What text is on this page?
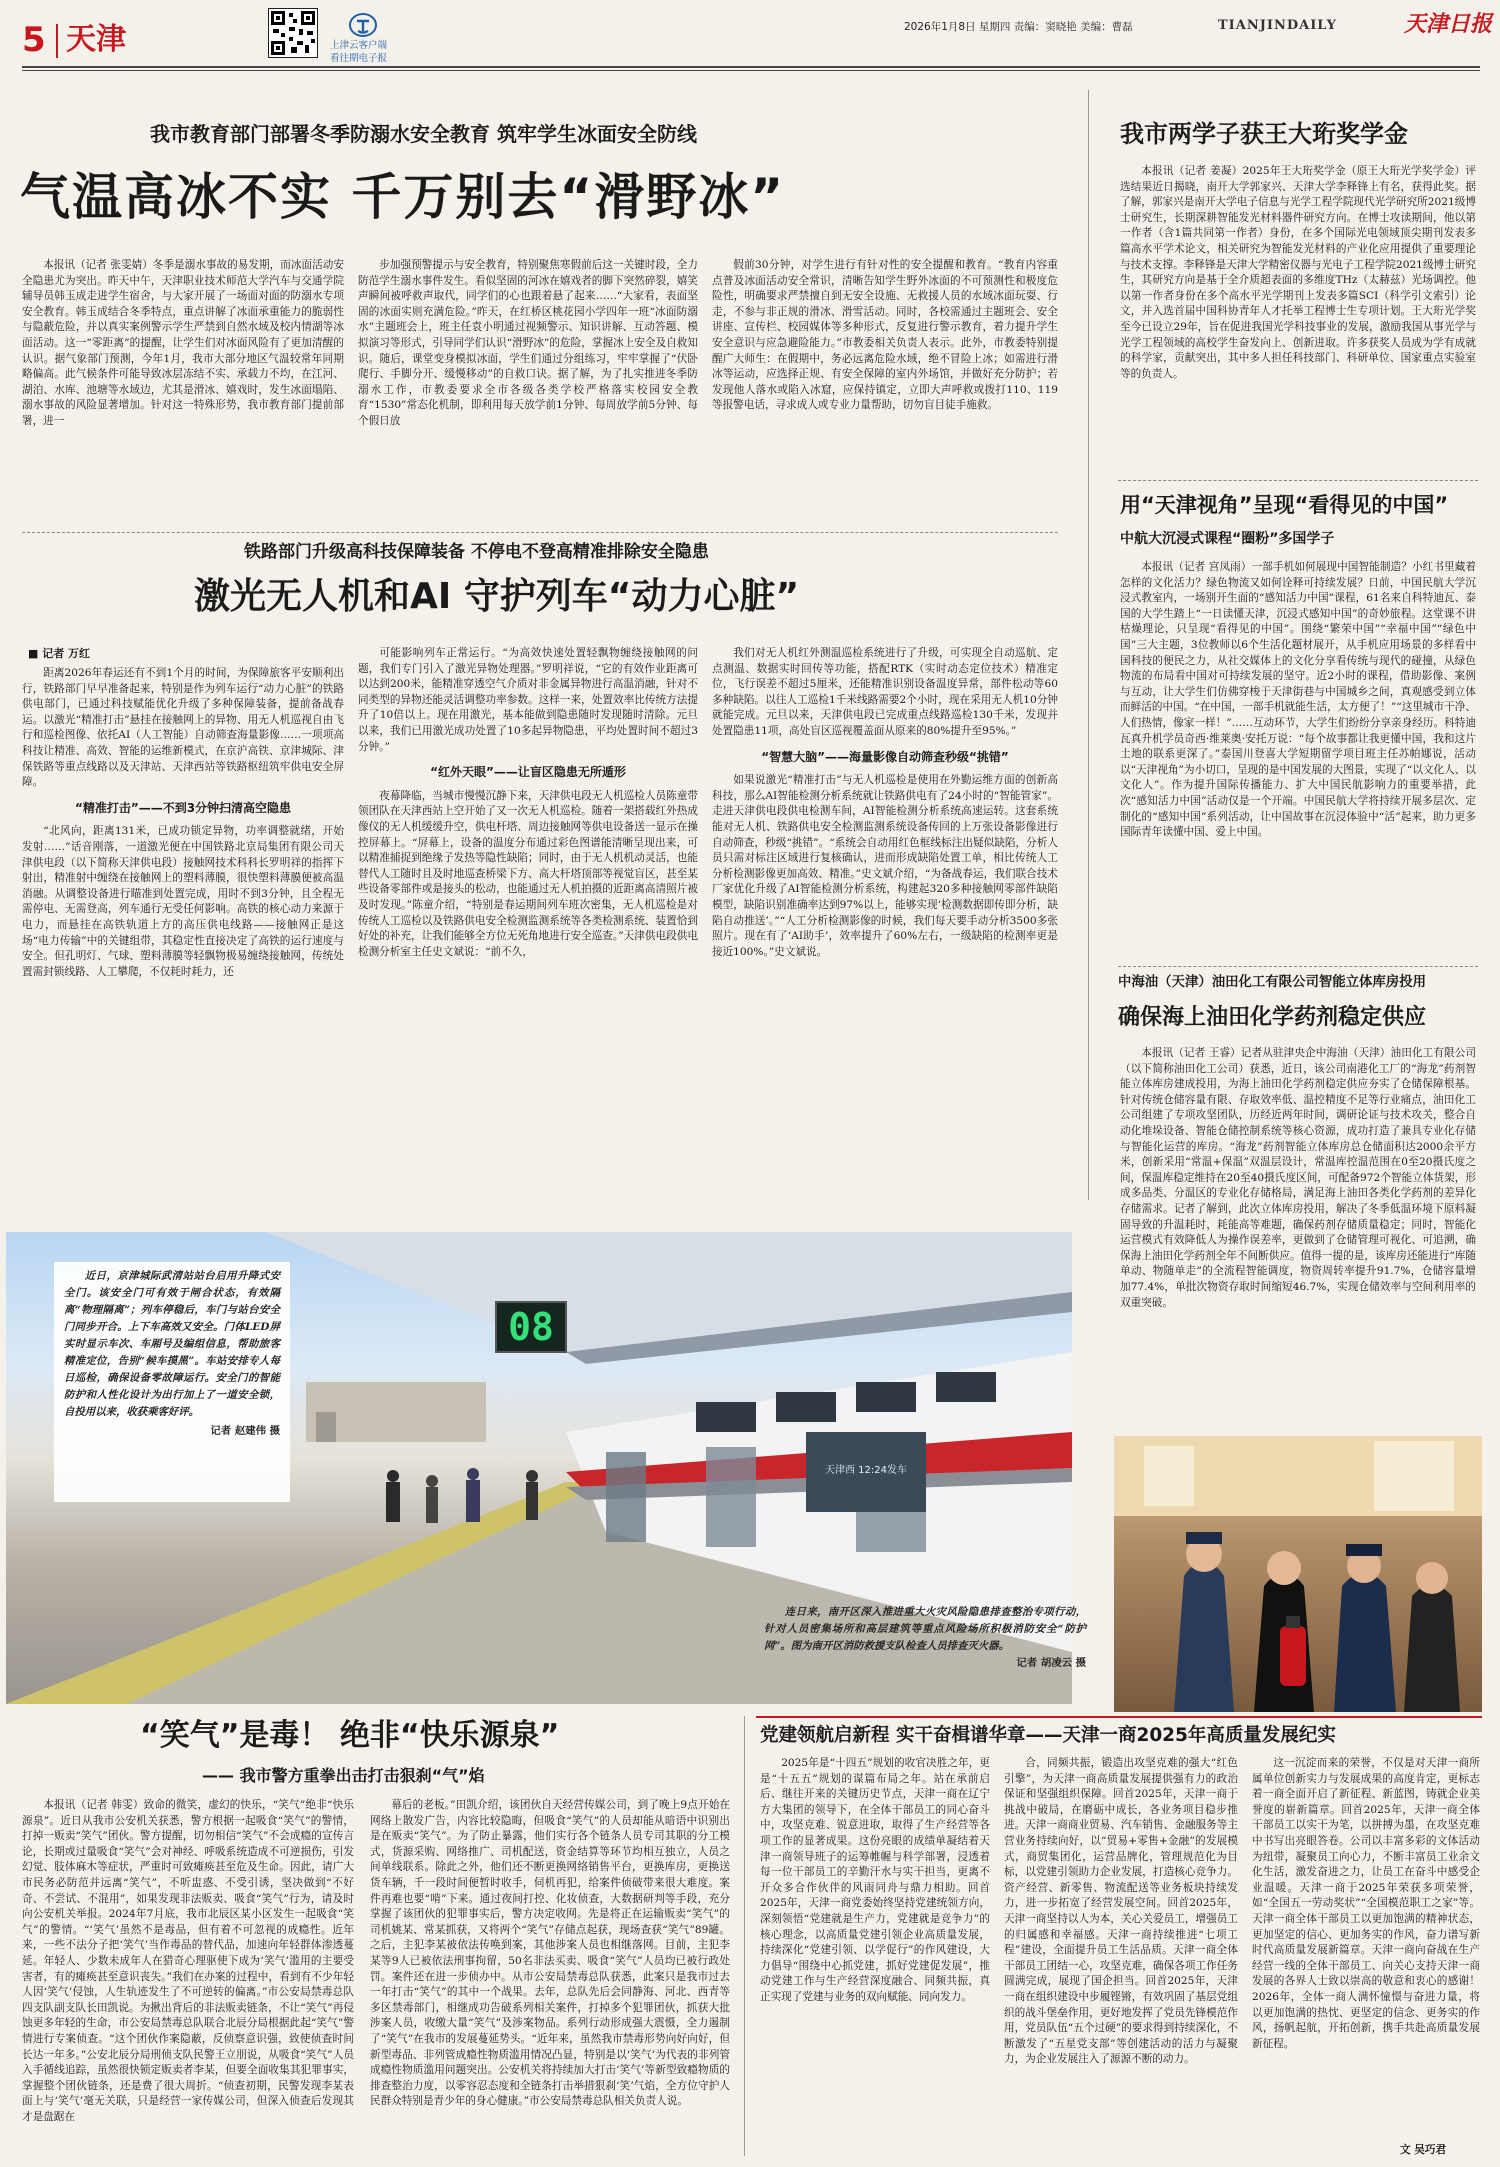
5 天津	上津云客户端
看往期电子报
2026年1月8日 星期四 责编：窦晓艳 美编：曹磊	TIANJINDAILY	天津日报
我市教育部门部署冬季防溺水安全教育 筑牢学生冰面安全防线
气温高冰不实 千万别去“滑野冰”

本报讯（记者 张雯婧）冬季是溺水事故的易发期，而冰面活动安全隐患尤为突出。昨天中午，天津职业技术师范大学汽车与交通学院辅导员韩玉成走进学生宿舍，与大家开展了一场面对面的防溺水专项安全教育。韩玉成结合冬季特点，重点讲解了冰面承重能力的脆弱性与隐蔽危险，并以真实案例警示学生严禁到自然水域及校内情湖等冰面活动。这一“零距离”的提醒，让学生们对冰面风险有了更加清醒的认识。据气象部门预测，今年1月，我市大部分地区气温较常年同期略偏高。此气候条件可能导致冰层冻结不实、承载力不均，在江河、湖泊、水库、池塘等水域边，尤其是滑冰、嬉戏时，发生冰面塌陷、溺水事故的风险显著增加。针对这一特殊形势，我市教育部门提前部署，进一

步加强预警提示与安全教育，特别聚焦寒假前后这一关键时段，全力防范学生溺水事件发生。看似坚固的河冰在嬉戏者的脚下突然碎裂，嬉笑声瞬间被呼救声取代，同学们的心也跟着悬了起来……“大家看，表面坚固的冰面实则充满危险。”昨天，在红桥区桃花园小学四年一班“冰面防溺水”主题班会上，班主任袁小明通过视频警示、知识讲解、互动答题、模拟演习等形式，引导同学们认识“滑野冰”的危险，掌握冰上安全及自救知识。随后，课堂变身模拟冰面，学生们通过分组练习，牢牢掌握了“伏卧爬行、手脚分开、缓慢移动”的自救口诀。据了解，为了扎实推进冬季防溺水工作，市教委要求全市各级各类学校严格落实校园安全教育“1530”常态化机制，即利用每天放学前1分钟、每周放学前5分钟、每个假日放

假前30分钟，对学生进行有针对性的安全提醒和教育。“教育内容重点普及冰面活动安全常识，清晰告知学生野外冰面的不可预测性和极度危险性，明确要求严禁擅自到无安全设施、无救援人员的水域冰面玩耍、行走，不参与非正规的滑冰、滑雪活动。同时，各校需通过主题班会、安全讲座、宣传栏、校园媒体等多种形式，反复进行警示教育，着力提升学生安全意识与应急避险能力。”市教委相关负责人表示。此外，市教委特别提醒广大师生：在假期中，务必远离危险水域，绝不冒险上冰；如需进行滑冰等运动，应选择正规、有安全保障的室内外场馆，并做好充分防护；若发现他人落水或陷入冰窟，应保持镇定，立即大声呼救或拨打110、119等报警电话，寻求成人或专业力量帮助，切勿盲目徒手施救。

铁路部门升级高科技保障装备 不停电不登高精准排除安全隐患
激光无人机和AI 守护列车“动力心脏”
■ 记者 万红

距离2026年春运还有不到1个月的时间，为保障旅客平安顺利出行，铁路部门早早准备起来，特别是作为列车运行“动力心脏”的铁路供电部门，已通过科技赋能优化升级了多种保障装备，提前备战春运。以激光“精准打击”悬挂在接触网上的异物、用无人机巡视自由飞行和巡检图像、依托AI（人工智能）自动筛查海量影像……一项项高科技让精准、高效、智能的运维新模式，在京沪高铁、京津城际、津保铁路等重点线路以及天津站、天津西站等铁路枢纽筑牢供电安全屏障。

“精准打击”——不到3分钟扫清高空隐患

“北风向，距离131米，已成功锁定异物，功率调整就绪，开始发射……”话音刚落，一道激光便在中国铁路北京局集团有限公司天津供电段（以下简称天津供电段）接触网技术科科长罗明祥的指挥下射出，精准射中缠绕在接触网上的塑料薄膜，很快塑料薄膜便被高温消融。从调整设备进行瞄准到处置完成，用时不到3分钟，且全程无需停电、无需登高，列车通行无受任何影响。高铁的核心动力来源于电力，而悬挂在高铁轨道上方的高压供电线路——接触网正是这场“电力传输”中的关键组带，其稳定性直接决定了高铁的运行速度与安全。但孔明灯、气球、塑料薄膜等轻飘物极易缠绕接触网，传统处置需封锁线路、人工攀爬，不仅耗时耗力，还

可能影响列车正常运行。“为高效快速处置轻飘物缠绕接触网的问题，我们专门引入了激光异物处理器。”罗明祥说，“它的有效作业距离可以达到200米，能精准穿透空气介质对非金属异物进行高温消融，针对不同类型的异物还能灵活调整功率参数。这样一来，处置效率比传统方法提升了10倍以上。现在用激光，基本能做到隐患随时发现随时清除。元旦以来，我们已用激光成功处置了10多起异物隐患，平均处置时间不超过3分钟。”

“红外天眼”——让盲区隐患无所遁形

夜幕降临，当城市慢慢沉静下来，天津供电段无人机巡检人员陈童带领团队在天津西站上空开始了又一次无人机巡检。随着一架搭载红外热成像仪的无人机缓缓升空，供电杆塔、周边接触网等供电设备送一显示在操控屏幕上。“屏幕上，设备的温度分布通过彩色图谱能清晰呈现出来，可以精准捕捉到绝缘子发热等隐性缺陷；同时，由于无人机机动灵活，也能替代人工随时且及时地巡查桥梁下方、高大杆塔顶部等视觉盲区，甚至某些设备零部件或是接头的松动，也能通过无人机拍摄的近距离高清照片被及时发现。”陈童介绍，“特别是春运期间列车班次密集，无人机巡检是对传统人工巡检以及铁路供电安全检测监测系统等各类检测系统、装置恰到好处的补充，让我们能够全方位无死角地进行安全巡查。”天津供电段供电检测分析室主任史文斌说：“前不久，

我们对无人机红外测温巡检系统进行了升级，可实现全自动巡航、定点测温、数据实时回传等功能，搭配RTK（实时动态定位技术）精准定位，飞行误差不超过5厘米，还能精准识别设备温度异常，部件松动等60多种缺陷。以往人工巡检1千米线路需要2个小时，现在采用无人机10分钟就能完成。元旦以来，天津供电段已完成重点线路巡检130千米，发现并处置隐患11项，高处盲区巡视覆盖面从原来的80%提升至95%。”

“智慧大脑”——海量影像自动筛查秒级“挑错”

如果说激光“精准打击”与无人机巡检是使用在外勤运维方面的创新高科技，那么AI智能检测分析系统就让铁路供电有了24小时的“智能管家”。走进天津供电段供电检测车间，AI智能检测分析系统高速运转。这套系统能对无人机、铁路供电安全检测监测系统设备传回的上万张设备影像进行自动筛查，秒级“挑错”。“系统会自动用红色框线标注出疑似缺陷，分析人员只需对标注区域进行复核确认，进而形成缺陷处置工单，相比传统人工分析检测影像更加高效、精准。”史文斌介绍，“为备战春运，我们联合技术厂家优化升级了AI智能检测分析系统，构建起320多种接触网零部件缺陷模型，缺陷识别准确率达到97%以上，能够实现‘检测数据即传即分析，缺陷自动推送’。”“人工分析检测影像的时候，我们每天要手动分析3500多张照片。现在有了‘AI助手’，效率提升了60%左右，一级缺陷的检测率更是接近100%。”史文斌说。

我市两学子获王大珩奖学金

本报讯（记者 姜凝）2025年王大珩奖学金（原王大珩光学奖学金）评选结果近日揭晓，南开大学郭家兴、天津大学李释锋上有名，获得此奖。据了解，郭家兴是南开大学电子信息与光学工程学院现代光学研究所2021级博士研究生，长期深耕智能发光材料器件研究方向。在博士攻读期间，他以第一作者（含1篇共同第一作者）身份，在多个国际光电领域顶尖期刊发表多篇高水平学术论文，相关研究为智能发光材料的产业化应用提供了重要理论与技术支撑。李释锋是天津大学精密仪器与光电子工程学院2021级博士研究生，其研究方向是基于全介质超表面的多维度THz（太赫兹）光场调控。他以第一作者身份在多个高水平光学期刊上发表多篇SCI（科学引文索引）论文，并入选首届中国科协青年人才托举工程博士生专项计划。王大珩光学奖至今已设立29年，旨在促进我国光学科技事业的发展，激励我国从事光学与光学工程领域的高校学生奋发向上、创新进取。许多获奖人员成为学有成就的科学家，贡献突出，其中多人担任科技部门、科研单位、国家重点实验室等的负责人。

用“天津视角”呈现“看得见的中国”
中航大沉浸式课程“圈粉”多国学子

本报讯（记者 宫凤雨）一部手机如何展现中国智能制造？小红书里藏着怎样的文化活力？绿色物流又如何诠释可持续发展？日前，中国民航大学沉浸式教室内，一场别开生面的“感知活力中国”课程，61名来自科特迪瓦、泰国的大学生踏上“一日读懂天津，沉浸式感知中国”的奇妙旅程。这堂课不讲枯燥理论，只呈现“看得见的中国”。围绕“繁荣中国”“幸福中国”“绿色中国”三大主题，3位教师以6个生活化题材展开，从手机应用场景的多样看中国科技的便民之力，从社交媒体上的文化分享看传统与现代的碰撞，从绿色物流的布局看中国对可持续发展的坚守。近2小时的课程，借助影像、案例与互动，让大学生们仿佛穿梭于天津街巷与中国城乡之间，真观感受到立体而鲜活的中国。“在中国，一部手机就能生活，太方便了！”“这里城市干净、人们热情，像家一样！”……互动环节，大学生们纷纷分享亲身经历。科特迪瓦真升机学员奇西·维莱奥·安托万说：“每个故事都让我更懂中国，我和这片土地的联系更深了。”泰国川登喜大学短期留学项目班主任苏帕娜说，活动以“天津视角”为小切口，呈现的是中国发展的大图景，实现了“以文化人、以文化人”。作为提升国际传播能力、扩大中国民航影响力的重要举措，此次“感知活力中国”活动仅是一个开端。中国民航大学将持续开展多层次、定制化的“感知中国”系列活动，让中国故事在沉浸体验中“活”起来，助力更多国际青年读懂中国、爱上中国。

中海油（天津）油田化工有限公司智能立体库房投用
确保海上油田化学药剂稳定供应

本报讯（记者 王睿）记者从驻津央企中海油（天津）油田化工有限公司（以下简称油田化工公司）获悉，近日，该公司南港化工厂的“海龙”药剂智能立体库房建成投用，为海上油田化学药剂稳定供应夯实了仓储保障根基。针对传统仓储容量有限、存取效率低、温控精度不足等行业痛点，油田化工公司组建了专项攻坚团队，历经近两年时间，调研论证与技术攻关，整合自动化堆垛设备、智能仓储控制系统等核心资源，成功打造了兼具专业化存储与智能化运营的库房。“海龙”药剂智能立体库房总仓储面积达2000余平方米，创新采用“常温+保温”双温层设计，常温库控温范围在0至20摄氏度之间，保温库稳定维持在20至40摄氏度区间，可配备972个智能立体货架，形成多品类、分温区的专业化存储格局，满足海上油田各类化学药剂的差异化存储需求。记者了解到，此次立体库房投用，解决了冬季低温环境下原料凝固导致的升温耗时，耗能高等难题，确保药剂存储质量稳定；同时，智能化运营模式有效降低人为操作误差率，更做到了仓储管理可视化、可追溯，确保海上油田化学药剂全年不间断供应。值得一提的是，该库房还能进行“库随单动、物随单走”的全流程智能调度，物资周转率提升91.7%，仓储容量增加77.4%，单批次物资存取时间缩短46.7%，实现仓储效率与空间利用率的双重突破。

08
天津西 12:24发车
近日，京津城际武清站站台启用升降式安全门。该安全门可有效于闸合状态，有效隔离“物理隔离”；列车停稳后，车门与站台安全门同步开合。上下车高效又安全。门体LED屏实时显示车次、车厢号及编组信息，帮助旅客精准定位，告别“候车摸黑”。车站安排专人每日巡检，确保设备零故障运行。安全门的智能防护和人性化设计为出行加上了一道安全锁，自投用以来，收获乘客好评。
记者 赵建伟 摄
连日来，南开区深入推进重大火灾风险隐患排查整治专项行动，针对人员密集场所和高层建筑等重点风险场所积极消防安全“防护网”。图为南开区消防救援支队检查人员排查灭火器。
记者 胡凌云 摄
“笑气”是毒！ 绝非“快乐源泉”
—— 我市警方重拳出击打击狠刹“气”焰

本报讯（记者 韩雯）致命的微笑，虚幻的快乐，“笑气”绝非“快乐源泉”。近日从我市公安机关获悉，警方根据一起吸食“笑气”的警情，打掉一贩卖“笑气”团伙。警方提醒，切勿相信“笑气”不会成瘾的宣传言论，长期或过量吸食“笑气”会对神经、呼吸系统造成不可逆损伤，引发幻觉、肢体麻木等症状，严重时可致瘫痪甚至危及生命。因此，请广大市民务必防范并远离“笑气”，不听盅惑、不受引诱，坚决做到“不好奇、不尝试、不混用”，如果发现非法贩卖、吸食“笑气”行为，请及时向公安机关举报。2024年7月底，我市北辰区某小区发生一起吸食“笑气”的警情。“‘笑气’虽然不是毒品，但有着不可忽视的成瘾性。近年来，一些不法分子把‘笑气’当作毒品的替代品，加速向年轻群体渗透蔓延。年轻人、少数未成年人在猎奇心理驱使下成为‘笑气’滥用的主要受害者，有的瘫痪甚至意识丧失。”我们在办案的过程中，看到有不少年轻人因‘笑气’侵蚀，人生轨迹发生了不可逆转的偏离。”市公安局禁毒总队四支队副支队长田凯说。为揪出背后的非法贩卖链条，不让“笑气”再侵蚀更多年轻的生命，市公安局禁毒总队联合北辰分局根据此起“笑气”警情进行专案侦查。“这个团伙作案隐蔽，反侦察意识强，致使侦查时间长达一年多。”公安北辰分局刑侦支队民警王立朋说，从吸食“笑气”人员入手循线追踪，虽然很快锁定贩卖者李某，但要全面收集其犯罪事实，掌握整个团伙链条，还是费了很大周折。“侦查初期，民警发现李某表面上与‘笑气’毫无关联，只是经营一家传媒公司，但深入侦查后发现其才是盘踞在

幕后的老板。”田凯介绍，该团伙自天经营传媒公司，到了晚上9点开始在网络上散发广告，内容比较隐晦，但吸食“笑气”的人员却能从暗语中识别出是在贩卖“笑气”。为了防止暴露，他们实行各个链条人员专司其职的分工模式，货源采购、网络推广、司机配送，资金结算等环节均相互独立，人员之间单线联系。除此之外，他们还不断更换网络销售平台，更换库房，更换送货车辆，千一段时间便暂时收手，伺机再犯，给案件侦破带来很大难度。案件再难也要“啃”下来。通过夜间打控、化妆侦查，大数据研判等手段，充分掌握了该团伙的犯罪事实后，警方决定收网。先是将正在运输贩卖“笑气”的司机姚某、常某抓获，又将两个“笑气”存储点起获，现场查获“笑气”89罐。之后，主犯李某被依法传唤到案，其他涉案人员也相继落网。目前，主犯李某等9人已被依法刑事拘留，50名非法买卖、吸食“笑气”人员均已被行政处罚。案件还在进一步侦办中。从市公安局禁毒总队获悉，此案只是我市过去一年打击“笑气”的其中一个战果。去年，总队先后会同静海、河北、西青等多区禁毒部门，相继成功告破系列相关案件，打掉多个犯罪团伙，抓获大批涉案人员，收缴大量“笑气”及涉案物品。系列行动形成强大震慑，全力遏制了“笑气”在我市的发展蔓延势头。“近年来，虽然我市禁毒形势向好向好，但新型毒品、非列管成瘾性物质滥用情况凸显，特别是以‘笑气’为代表的非列管成瘾性物质滥用问题突出。公安机关将持续加大打击‘笑气’等新型致瘾物质的排查整治力度，以零容忍态度和全链条打击举措狠刹‘笑’气焰，全方位守护人民群众特别是青少年的身心健康。”市公安局禁毒总队相关负责人说。

党建领航启新程 实干奋楫谱华章——天津一商2025年高质量发展纪实

2025年是“十四五”规划的收官决胜之年，更是“十五五”规划的谋篇布局之年。站在承前启后、继往开来的关键历史节点，天津一商在辽宁方大集团的领导下，在全体干部员工的同心奋斗中，攻坚克难、锐意进取，取得了生产经营等各项工作的显著成果。这份亮眼的成绩单凝结着天津一商领导班子的运筹帷幄与科学部署，浸透着每一位干部员工的辛勤汗水与实干担当，更离不开众多合作伙伴的风雨同舟与鼎力相助。回首2025年，天津一商党委始终坚持党建统领方向，深刻领悟“党建就是生产力，党建就是竞争力”的核心理念，以高质量党建引领企业高质量发展，持续深化“党建引领、以学促行”的作风建设，大力倡导“围绕中心抓党建，抓好党建促发展”，推动党建工作与生产经营深度融合、同频共振，真正实现了党建与业务的双向赋能、同向发力。

合，同频共振，锻造出攻坚克难的强大“红色引擎”，为天津一商高质量发展提供强有力的政治保证和坚强组织保障。回首2025年，天津一商于挑战中破局，在磨砺中成长，各业务项目稳步推进。天津一商商业贸易、汽车销售、金融服务等主营业务持续向好，以“贸易+零售+金融”的发展模式，商贸集团化，运营品牌化，管理规范化为目标，以党建引领助力企业发展，打造核心竞争力。资产经营、新零售、物流配送等业务板块持续发力，进一步拓宽了经营发展空间。回首2025年，天津一商坚持以人为本，关心关爱员工，增强员工的归属感和幸福感。天津一商持续推进“七项工程”建设，全面提升员工生活品质。天津一商全体干部员工团结一心，攻坚克难，确保各项工作任务圆满完成，展现了国企担当。回首2025年，天津一商在组织建设中步履铿锵，有效巩固了基层党组织的战斗堡垒作用，更好地发挥了党员先锋模范作用，党员队伍“五个过硬”的要求得到持续深化，不断激发了“五星党支部”等创建活动的活力与凝聚力，为企业发展注入了源源不断的动力。

这一沉淀而来的荣誉，不仅是对天津一商所属单位创新实力与发展成果的高度肯定，更标志着一商全面开启了新征程、新蓝图，铸就企业美誉度的崭新篇章。回首2025年，天津一商全体干部员工以实干为笔，以拼搏为墨，在攻坚克难中书写出亮眼答卷。公司以丰富多彩的文体活动为纽带，凝聚员工向心力，不断丰富员工业余文化生活，激发奋进之力，让员工在奋斗中感受企业温暖。天津一商于2025年荣获多项荣誉，如“全国五一劳动奖状”“全国模范职工之家”等。天津一商全体干部员工以更加饱满的精神状态，更加坚定的信心、更加务实的作风，奋力谱写新时代高质量发展新篇章。天津一商向奋战在生产经营一线的全体干部员工、向关心支持天津一商发展的各界人士致以崇高的敬意和衷心的感谢！2026年，全体一商人满怀憧憬与奋进力量，将以更加饱满的热忱、更坚定的信念、更务实的作风，扬帆起航，开拓创新，携手共赴高质量发展新征程。

文 吴巧君
